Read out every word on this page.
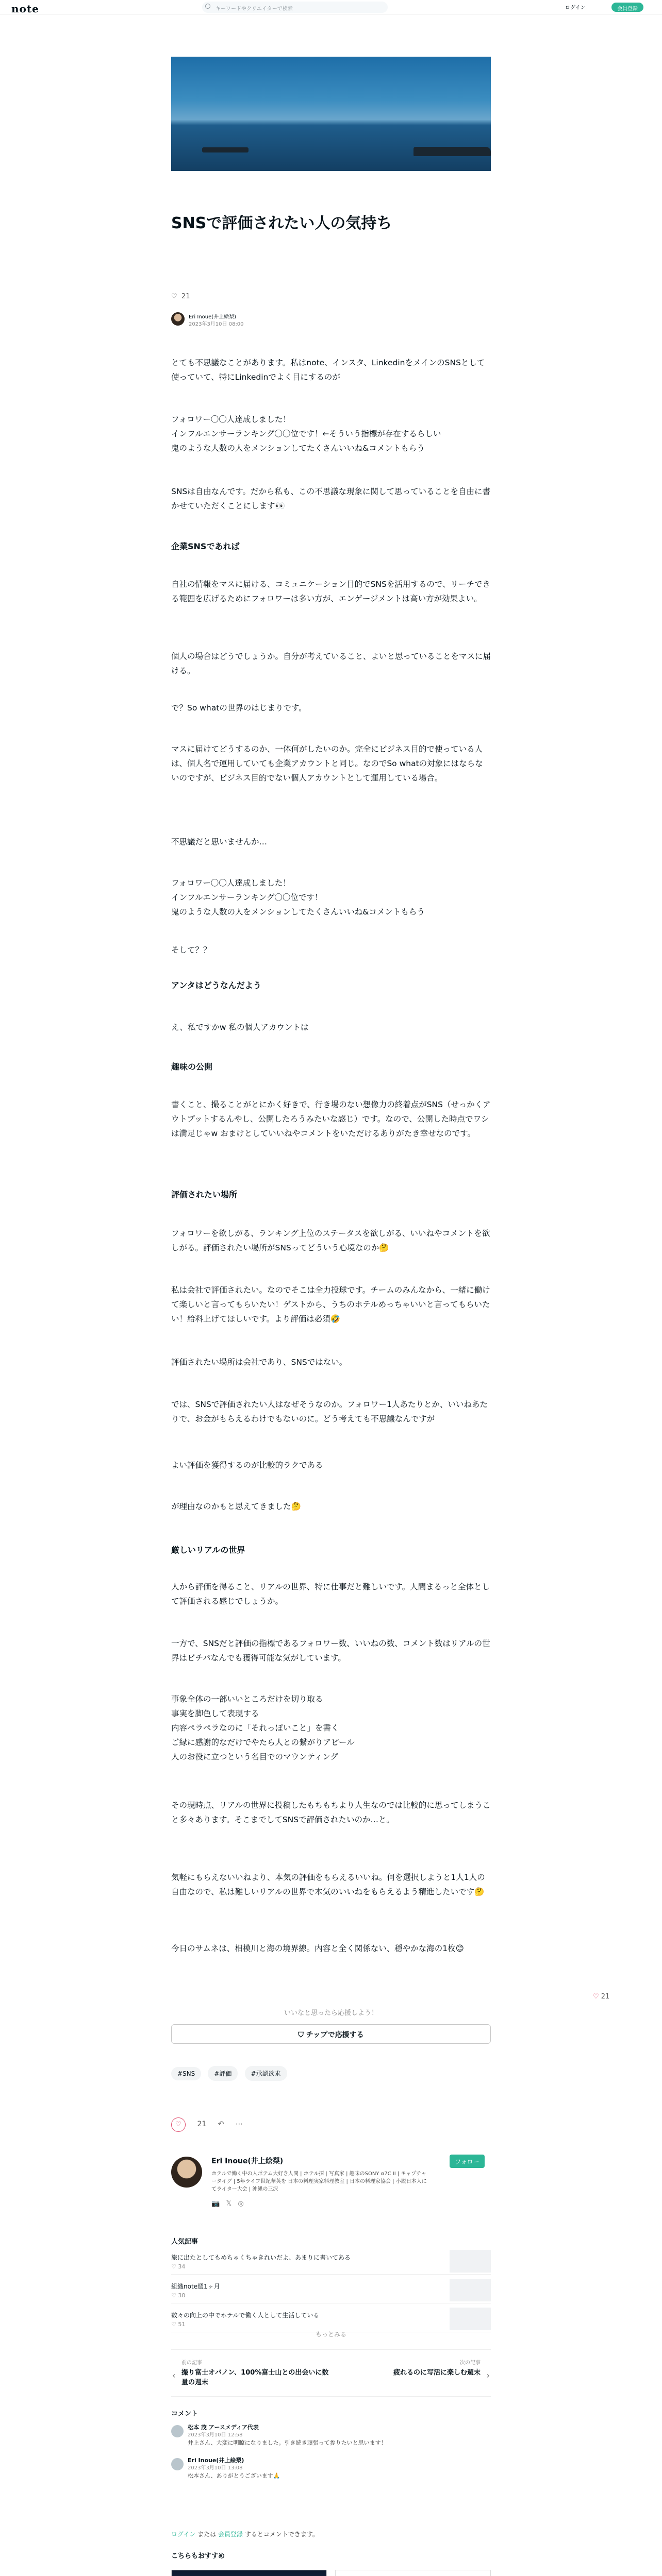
note	キーワードやクリエイターで検索	ログイン	会員登録
SNSで評価されたい人の気持ち
♡ 21
Eri Inoue(井上絵梨)
2023年3月10日 08:00

とても不思議なことがあります。私はnote、インスタ、LinkedinをメインのSNSとして使っていて、特にLinkedinでよく目にするのが

フォロワー〇〇人達成しました！
インフルエンサーランキング〇〇位です！←そういう指標が存在するらしい
鬼のような人数の人をメンションしてたくさんいいね&コメントもらう

SNSは自由なんです。だから私も、この不思議な現象に関して思っていることを自由に書かせていただくことにします👀

企業SNSであれば

自社の情報をマスに届ける、コミュニケーション目的でSNSを活用するので、リーチできる範囲を広げるためにフォロワーは多い方が、エンゲージメントは高い方が効果よい。

個人の場合はどうでしょうか。自分が考えていること、よいと思っていることをマスに届ける。

で？So whatの世界のはじまりです。

マスに届けてどうするのか、一体何がしたいのか。完全にビジネス目的で使っている人は、個人名で運用していても企業アカウントと同じ。なのでSo whatの対象にはならないのですが、ビジネス目的でない個人アカウントとして運用している場合。

不思議だと思いませんか…

フォロワー〇〇人達成しました！
インフルエンサーランキング〇〇位です！
鬼のような人数の人をメンションしてたくさんいいね&コメントもらう

そして？？

アンタはどうなんだよう

え、私ですかw 私の個人アカウントは

趣味の公開

書くこと、撮ることがとにかく好きで、行き場のない想像力の終着点がSNS（せっかくアウトプットするんやし、公開したろうみたいな感じ）です。なので、公開した時点でワシは満足じゃw おまけとしていいねやコメントをいただけるありがたき幸せなのです。

評価されたい場所

フォロワーを欲しがる、ランキング上位のステータスを欲しがる、いいねやコメントを欲しがる。評価されたい場所がSNSってどういう心境なのか🤔

私は会社で評価されたい。なのでそこは全力投球です。チームのみんなから、一緒に働けて楽しいと言ってもらいたい！ゲストから、うちのホテルめっちゃいいと言ってもらいたい！給料上げてほしいです。より評価は必須🤣

評価されたい場所は会社であり、SNSではない。

では、SNSで評価されたい人はなぜそうなのか。フォロワー1人あたりとか、いいねあたりで、お金がもらえるわけでもないのに。どう考えても不思議なんですが

よい評価を獲得するのが比較的ラクである

が理由なのかもと思えてきました🤔

厳しいリアルの世界

人から評価を得ること、リアルの世界、特に仕事だと難しいです。人間まるっと全体として評価される感じでしょうか。

一方で、SNSだと評価の指標であるフォロワー数、いいねの数、コメント数はリアルの世界はビチパなんでも獲得可能な気がしています。

事象全体の一部いいところだけを切り取る
事実を脚色して表現する
内容ペラペラなのに「それっぽいこと」を書く
ご縁に感謝的なだけでやたら人との繋がりアピール
人のお役に立つという名目でのマウンティング

その現時点、リアルの世界に投稿したもちもちより人生なのでは比較的に思ってしまうこと多々あります。そこまでしてSNSで評価されたいのか…と。

気軽にもらえないいねより、本気の評価をもらえるいいね。何を選択しようと1人1人の自由なので、私は難しいリアルの世界で本気のいいねをもらえるよう精進したいです🤔

今日のサムネは、相模川と海の境界線。内容と全く関係ない、穏やかな海の1枚😊

♡ 21
いいなと思ったら応援しよう！
⛉ チップで応援する
#SNS	#評価	#承認欲求
♡ 21 ↶ ⋯
Eri Inoue(井上絵梨)
ホテルで働く中の人ポテム大好き人間 | ホテル探 | 写真家 | 趣味のSONY α7C II | キャプチャータイグ | 5年ライフ世紀華英を 日本の料理実家料理教室 | 日本の料理家協会 | 小説日本人にてライター大会 | 沖縄の三沢
フォロー
📷 𝕏 ◎
人気記事
旅に出たとしてもめちゃくちゃきれいだよ、あまりに書いてある
♡ 34
組織note週1ヶ月
♡ 30
数々の向上の中でホテルで働く人として生活している
♡ 51
もっとみる
‹
前の記事
撮り富士オバノン、100%富士山との出会いに数量の週末
次の記事
疲れるのに写活に楽しむ週末 ›
コメント
松本 茂 アースメディア代表
2023年3月10日 12:58
井上さん、大変に明瞭になりました。引き続き頑張って参りたいと思います！
Eri Inoue(井上絵梨)
2023年3月10日 13:08
松本さん、ありがとうございます🙏
ログイン または 会員登録 するとコメントできます。
こちらもおすすめ
